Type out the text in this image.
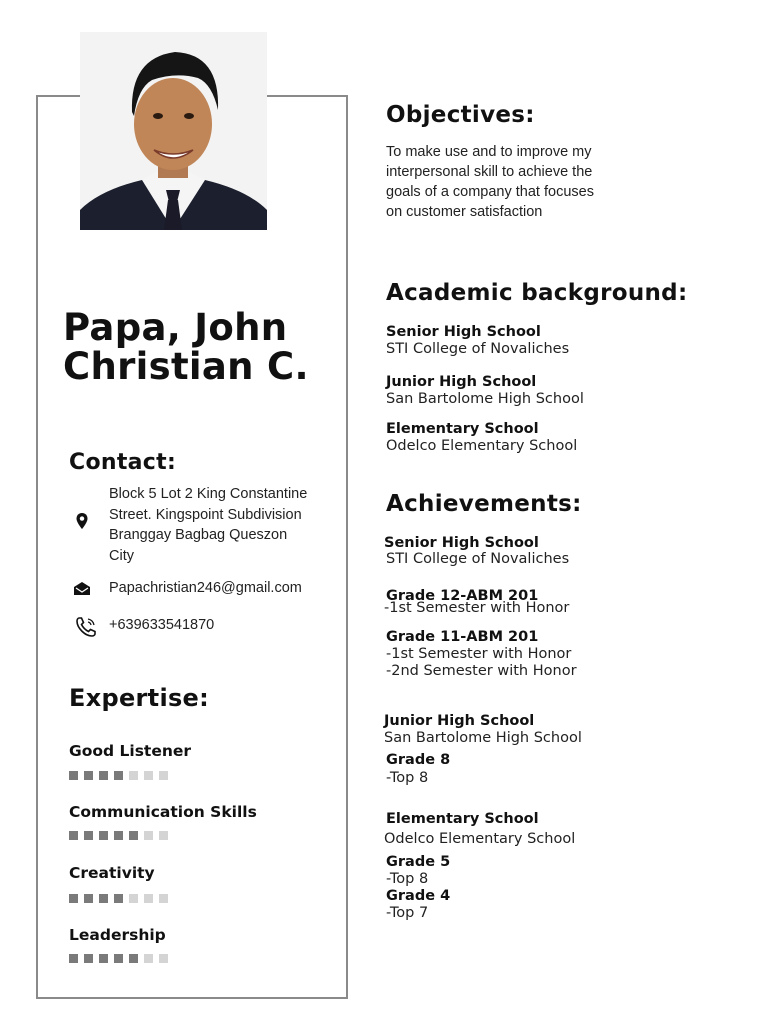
Papa, John
Christian C.
Contact:
Block 5 Lot 2 King Constantine
Street. Kingspoint Subdivision
Branggay Bagbag Queszon
City
Papachristian246@gmail.com
+639633541870
Expertise:
Good Listener
Communication Skills
Creativity
Leadership
Objectives:
To make use and to improve my
interpersonal skill to achieve the
goals of a company that focuses
on customer satisfaction
Academic background:
Senior High School
STI College of Novaliches
Junior High School
San Bartolome High School
Elementary School
Odelco Elementary School
Achievements:
Senior High School
STI College of Novaliches
Grade 12-ABM 201
-1st Semester with Honor
Grade 11-ABM 201
-1st Semester with Honor
-2nd Semester with Honor
Junior High School
San Bartolome High School
Grade 8
-Top 8
Elementary School
Odelco Elementary School
Grade 5
-Top 8
Grade 4
-Top 7
